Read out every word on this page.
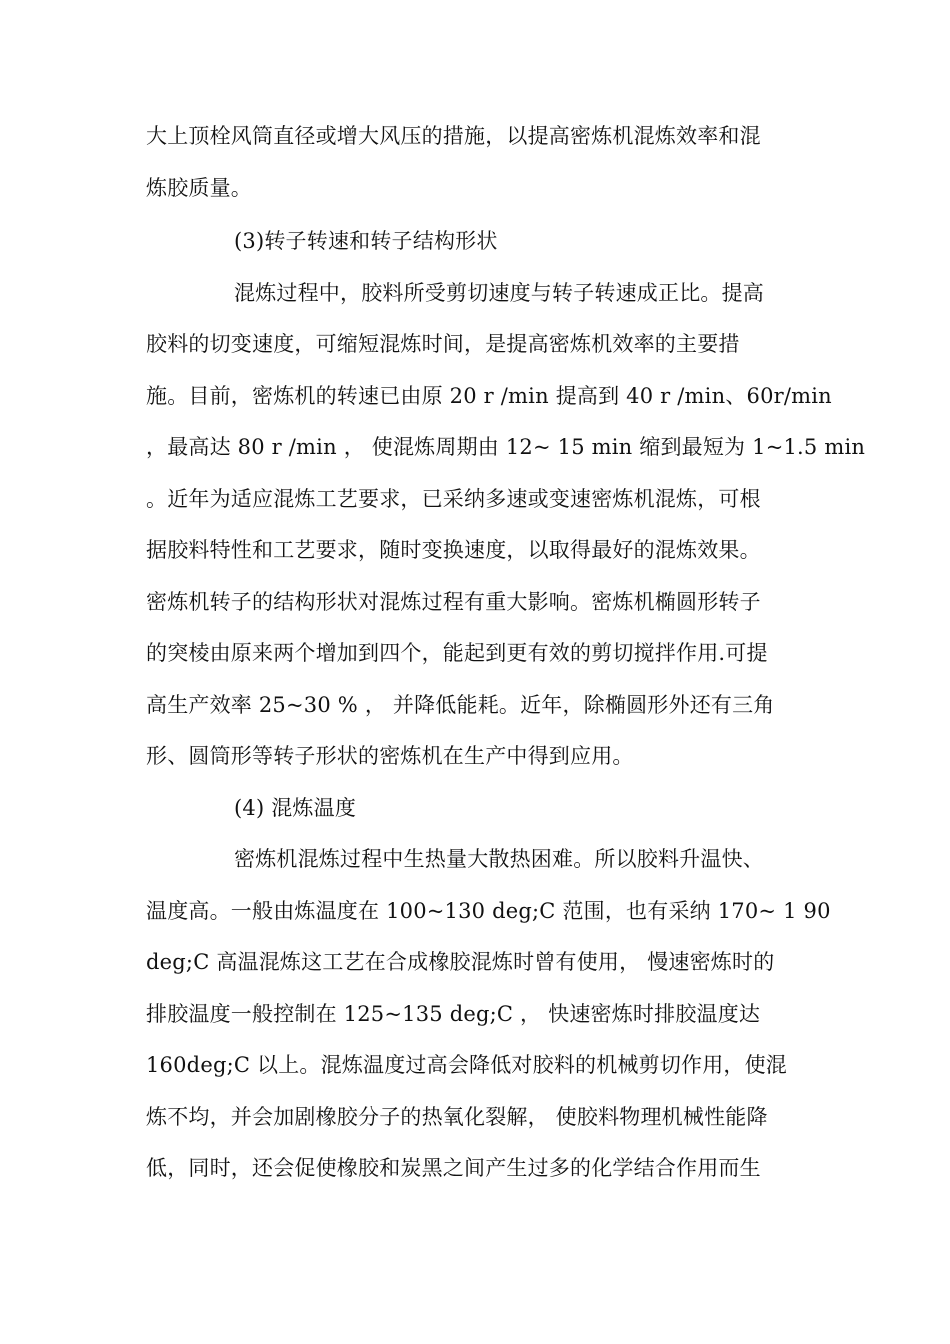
大上顶栓风筒直径或增大风压的措施，以提高密炼机混炼效率和混
炼胶质量。
(3)转子转速和转子结构形状
混炼过程中，胶料所受剪切速度与转子转速成正比。提高
胶料的切变速度，可缩短混炼时间，是提高密炼机效率的主要措
施。目前，密炼机的转速已由原 20 r /min 提高到 40 r /min、60r/min
，最高达 80 r /min ， 使混炼周期由 12~ 15 min 缩到最短为 1~1.5 min
。近年为适应混炼工艺要求，已采纳多速或变速密炼机混炼，可根
据胶料特性和工艺要求，随时变换速度，以取得最好的混炼效果。
密炼机转子的结构形状对混炼过程有重大影响。密炼机椭圆形转子
的突棱由原来两个增加到四个，能起到更有效的剪切搅拌作用.可提
高生产效率 25~30 % ， 并降低能耗。近年，除椭圆形外还有三角
形、圆筒形等转子形状的密炼机在生产中得到应用。
(4) 混炼温度
密炼机混炼过程中生热量大散热困难。所以胶料升温快、
温度高。一般由炼温度在 100~130 deg;C 范围，也有采纳 170~ 1 90
deg;C 高温混炼这工艺在合成橡胶混炼时曾有使用， 慢速密炼时的
排胶温度一般控制在 125~135 deg;C ， 快速密炼时排胶温度达
160deg;C 以上。混炼温度过高会降低对胶料的机械剪切作用，使混
炼不均，并会加剧橡胶分子的热氧化裂解， 使胶料物理机械性能降
低，同时，还会促使橡胶和炭黑之间产生过多的化学结合作用而生
